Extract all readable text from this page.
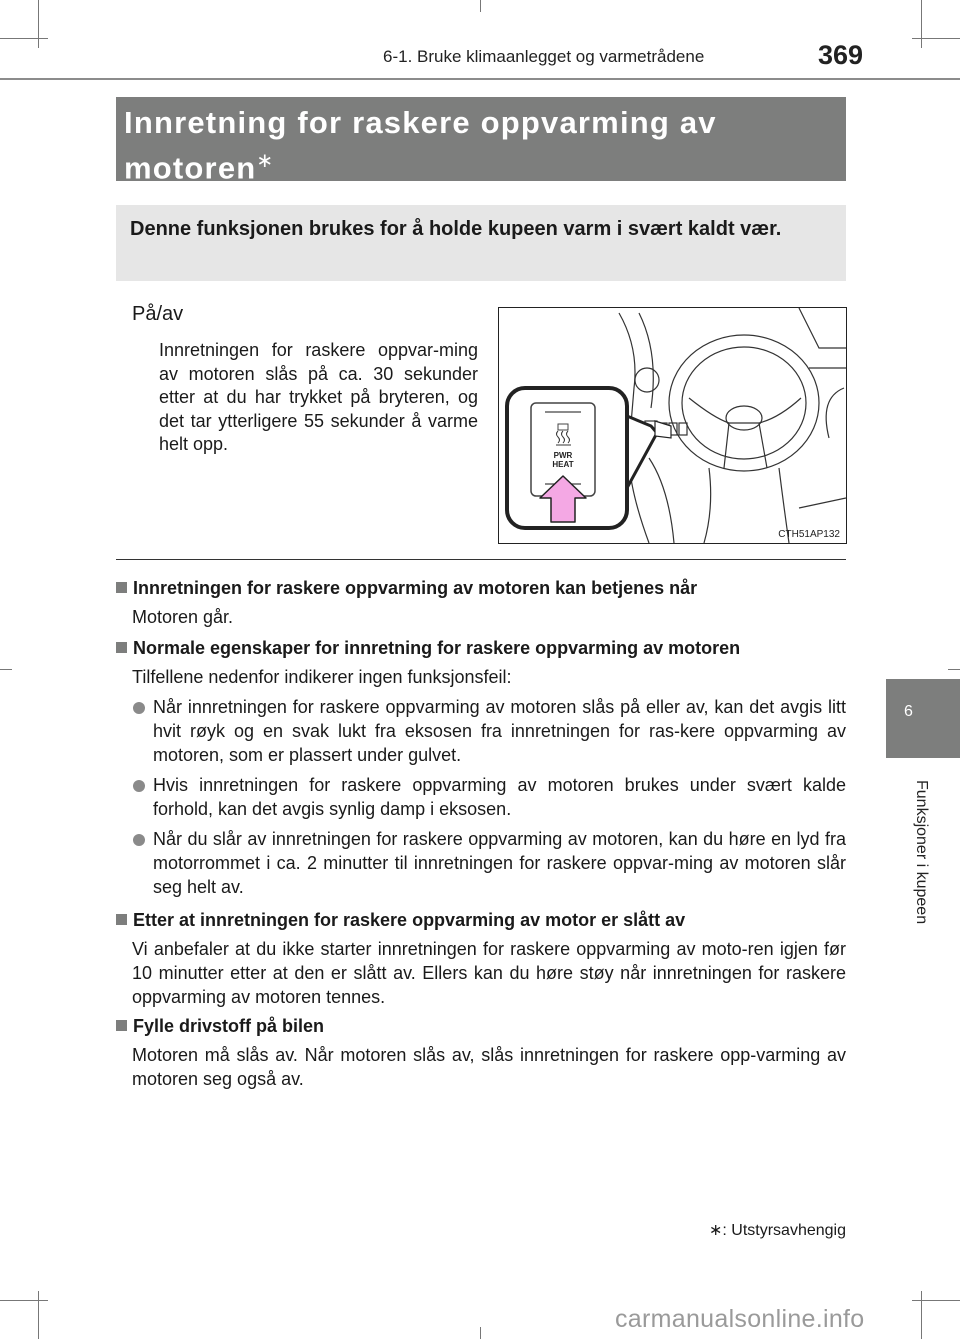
6-1. Bruke klimaanlegget og varmetrådene	369
Innretning for raskere oppvarming av motoren∗
Denne funksjonen brukes for å holde kupeen varm i svært kaldt vær.
På/av
Innretningen for raskere oppvar-ming av motoren slås på ca. 30 sekunder etter at du har trykket på bryteren, og det tar ytterligere 55 sekunder å varme helt opp.
PWR
HEAT
CTH51AP132
Innretningen for raskere oppvarming av motoren kan betjenes når
Motoren går.
Normale egenskaper for innretning for raskere oppvarming av motoren
Tilfellene nedenfor indikerer ingen funksjonsfeil:
Når innretningen for raskere oppvarming av motoren slås på eller av, kan det avgis litt hvit røyk og en svak lukt fra eksosen fra innretningen for ras-kere oppvarming av motoren, som er plassert under gulvet.
Hvis innretningen for raskere oppvarming av motoren brukes under svært kalde forhold, kan det avgis synlig damp i eksosen.
Når du slår av innretningen for raskere oppvarming av motoren, kan du høre en lyd fra motorrommet i ca. 2 minutter til innretningen for raskere oppvar-ming av motoren slår seg helt av.
Etter at innretningen for raskere oppvarming av motor er slått av
Vi anbefaler at du ikke starter innretningen for raskere oppvarming av moto-ren igjen før 10 minutter etter at den er slått av. Ellers kan du høre støy når innretningen for raskere oppvarming av motoren tennes.
Fylle drivstoff på bilen
Motoren må slås av. Når motoren slås av, slås innretningen for raskere opp-varming av motoren seg også av.
∗: Utstyrsavhengig
6
Funksjoner i kupeen
carmanualsonline.info
